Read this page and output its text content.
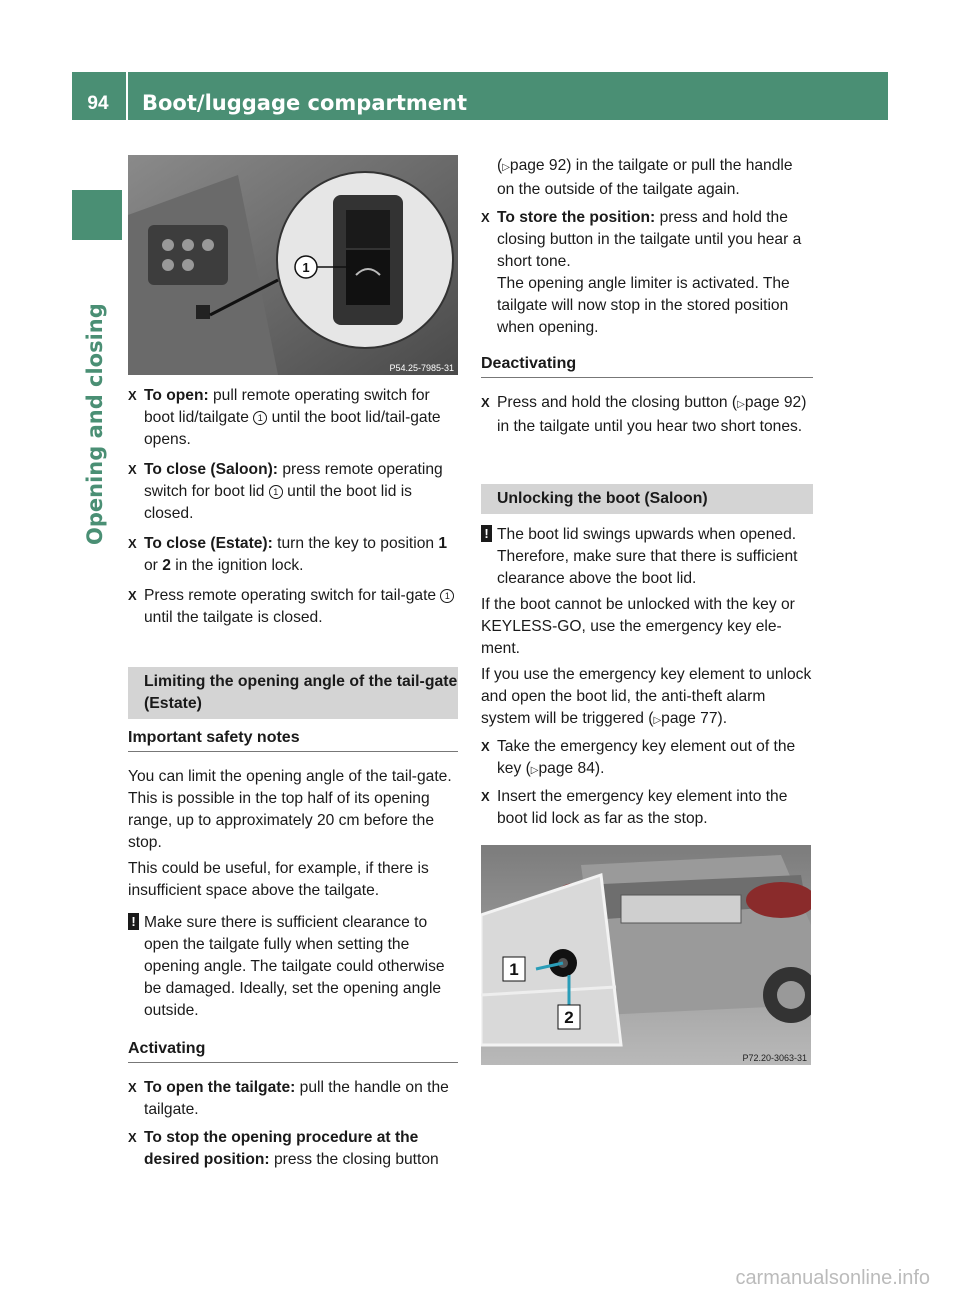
94	Boot/luggage compartment
Opening and closing
1
P54.25-7985-31

X To open: pull remote operating switch for boot lid/tailgate 1 until the boot lid/tail-gate opens.

X To close (Saloon): press remote operating switch for boot lid 1 until the boot lid is closed.

X To close (Estate): turn the key to position 1 or 2 in the ignition lock.

X Press remote operating switch for tail-gate 1 until the tailgate is closed.

Limiting the opening angle of the tail-gate (Estate)
Important safety notes

You can limit the opening angle of the tail-gate. This is possible in the top half of its opening range, up to approximately 20 cm before the stop.

This could be useful, for example, if there is insufficient space above the tailgate.

! Make sure there is sufficient clearance to open the tailgate fully when setting the opening angle. The tailgate could otherwise be damaged. Ideally, set the opening angle outside.

Activating

X To open the tailgate: pull the handle on the tailgate.

X To stop the opening procedure at the desired position: press the closing button

(▷page 92) in the tailgate or pull the handle on the outside of the tailgate again.

X To store the position: press and hold the closing button in the tailgate until you hear a short tone.

The opening angle limiter is activated. The tailgate will now stop in the stored position when opening.

Deactivating

X Press and hold the closing button (▷page 92) in the tailgate until you hear two short tones.

Unlocking the boot (Saloon)

! The boot lid swings upwards when opened. Therefore, make sure that there is sufficient clearance above the boot lid.

If the boot cannot be unlocked with the key or KEYLESS-GO, use the emergency key ele-ment.

If you use the emergency key element to unlock and open the boot lid, the anti-theft alarm system will be triggered (▷page 77).

X Take the emergency key element out of the key (▷page 84).

X Insert the emergency key element into the boot lid lock as far as the stop.

1
2
P72.20-3063-31
carmanualsonline.info
